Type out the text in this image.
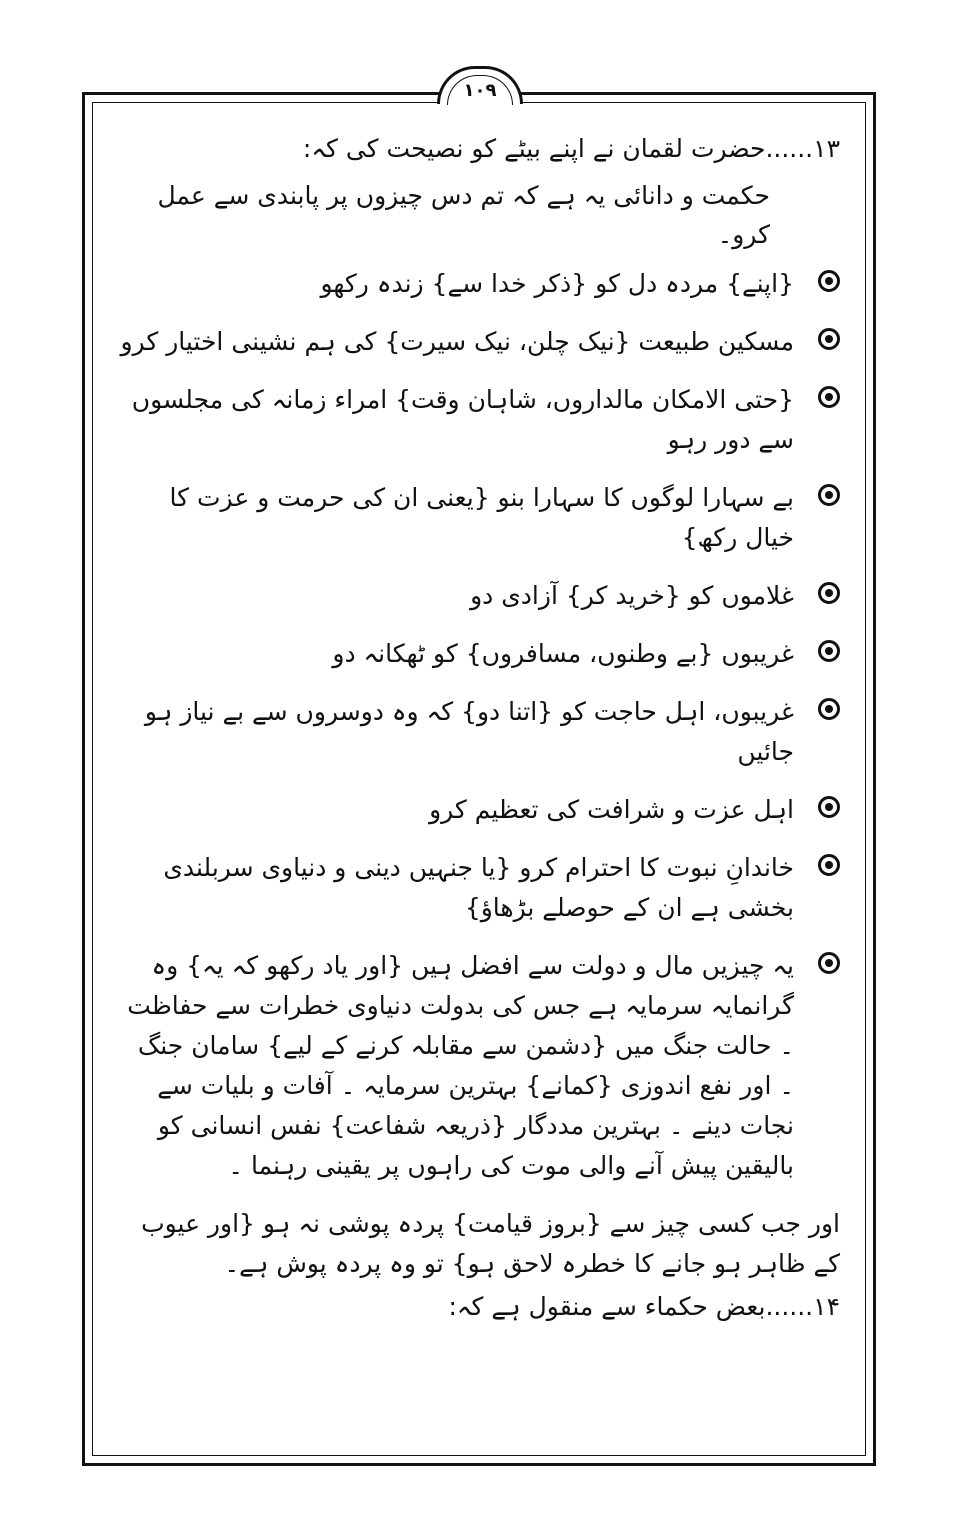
۱۰۹

۱۳......حضرت لقمان نے اپنے بیٹے کو نصیحت کی کہ:

حکمت و دانائی یہ ہے کہ تم دس چیزوں پر پابندی سے عمل کرو۔

{اپنے} مردہ دل کو {ذکر خدا سے} زندہ رکھو
مسکین طبیعت {نیک چلن، نیک سیرت} کی ہم نشینی اختیار کرو
{حتی الامکان مالداروں، شاہان وقت} امراء زمانہ کی مجلسوں سے دور رہو
بے سہارا لوگوں کا سہارا بنو {یعنی ان کی حرمت و عزت کا خیال رکھ}
غلاموں کو {خرید کر} آزادی دو
غریبوں {بے وطنوں، مسافروں} کو ٹھکانہ دو
غریبوں، اہل حاجت کو {اتنا دو} کہ وہ دوسروں سے بے نیاز ہو جائیں
اہل عزت و شرافت کی تعظیم کرو
خاندانِ نبوت کا احترام کرو {یا جنہیں دینی و دنیاوی سربلندی بخشی ہے ان کے حوصلے بڑھاؤ}
یہ چیزیں مال و دولت سے افضل ہیں {اور یاد رکھو کہ یہ} وہ گرانمایہ سرمایہ ہے جس کی بدولت دنیاوی خطرات سے حفاظت ۔ حالت جنگ میں {دشمن سے مقابلہ کرنے کے لیے} سامان جنگ ۔ اور نفع اندوزی {کمانے} بہترین سرمایہ ۔ آفات و بلیات سے نجات دینے ۔ بہترین مددگار {ذریعہ شفاعت} نفس انسانی کو بالیقین پیش آنے والی موت کی راہوں پر یقینی رہنما ۔

اور جب کسی چیز سے {بروز قیامت} پردہ پوشی نہ ہو {اور عیوب کے ظاہر ہو جانے کا خطرہ لاحق ہو} تو وہ پردہ پوش ہے۔

۱۴......بعض حکماء سے منقول ہے کہ:
